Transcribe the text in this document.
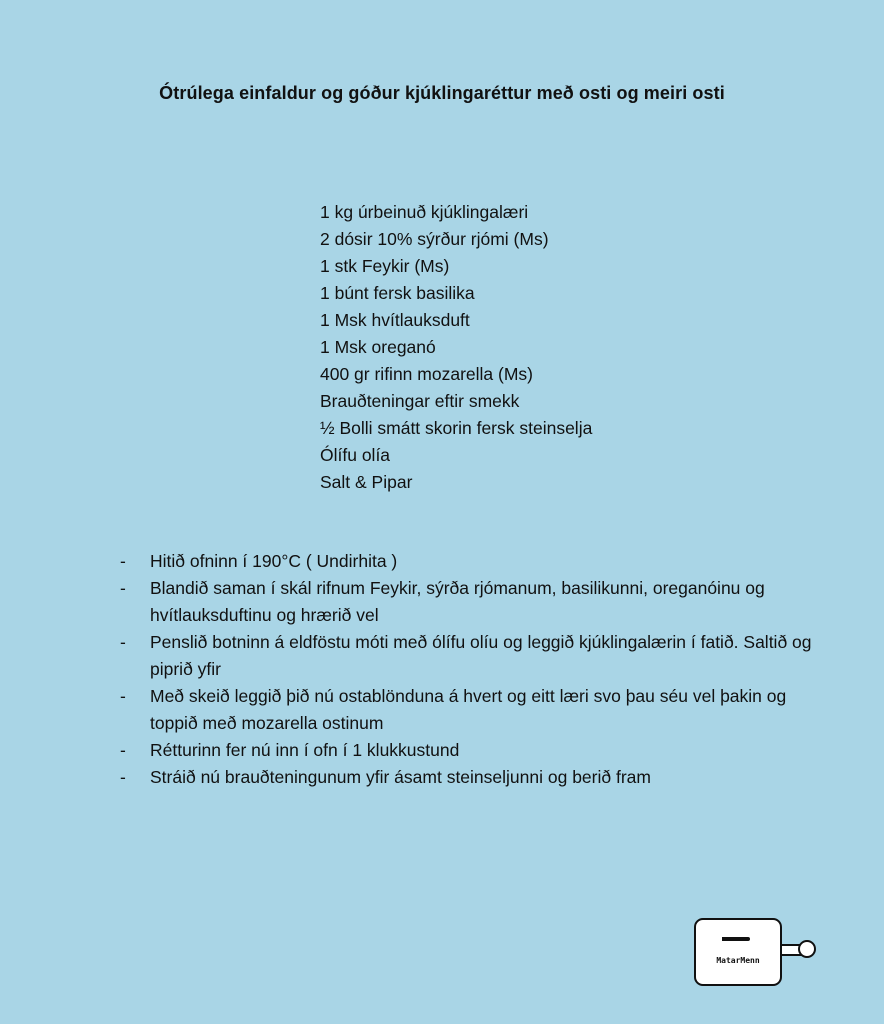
Ótrúlega einfaldur og góður kjúklingaréttur með osti og meiri osti
1 kg úrbeinuð kjúklingalæri
2 dósir 10% sýrður rjómi (Ms)
1 stk Feykir (Ms)
1 búnt fersk basilika
1 Msk hvítlauksduft
1 Msk oreganó
400 gr rifinn mozarella (Ms)
Brauðteningar eftir smekk
½ Bolli smátt skorin fersk steinselja
Ólífu olía
Salt & Pipar
- Hitið ofninn í 190°C ( Undirhita )
- Blandið saman í skál rifnum Feykir, sýrða rjómanum, basilikunni, oreganóinu og hvítlauksduftinu og hrærið vel
- Penslið botninn á eldföstu móti með ólífu olíu og leggið kjúklingalærin í fatið. Saltið og piprið yfir
- Með skeið leggið þið nú ostablönduna á hvert og eitt læri svo þau séu vel þakin og toppið með mozarella ostinum
- Rétturinn fer nú inn í ofn í 1 klukkustund
- Stráið nú brauðteningunum yfir ásamt steinseljunni og berið fram
MatarMenn
